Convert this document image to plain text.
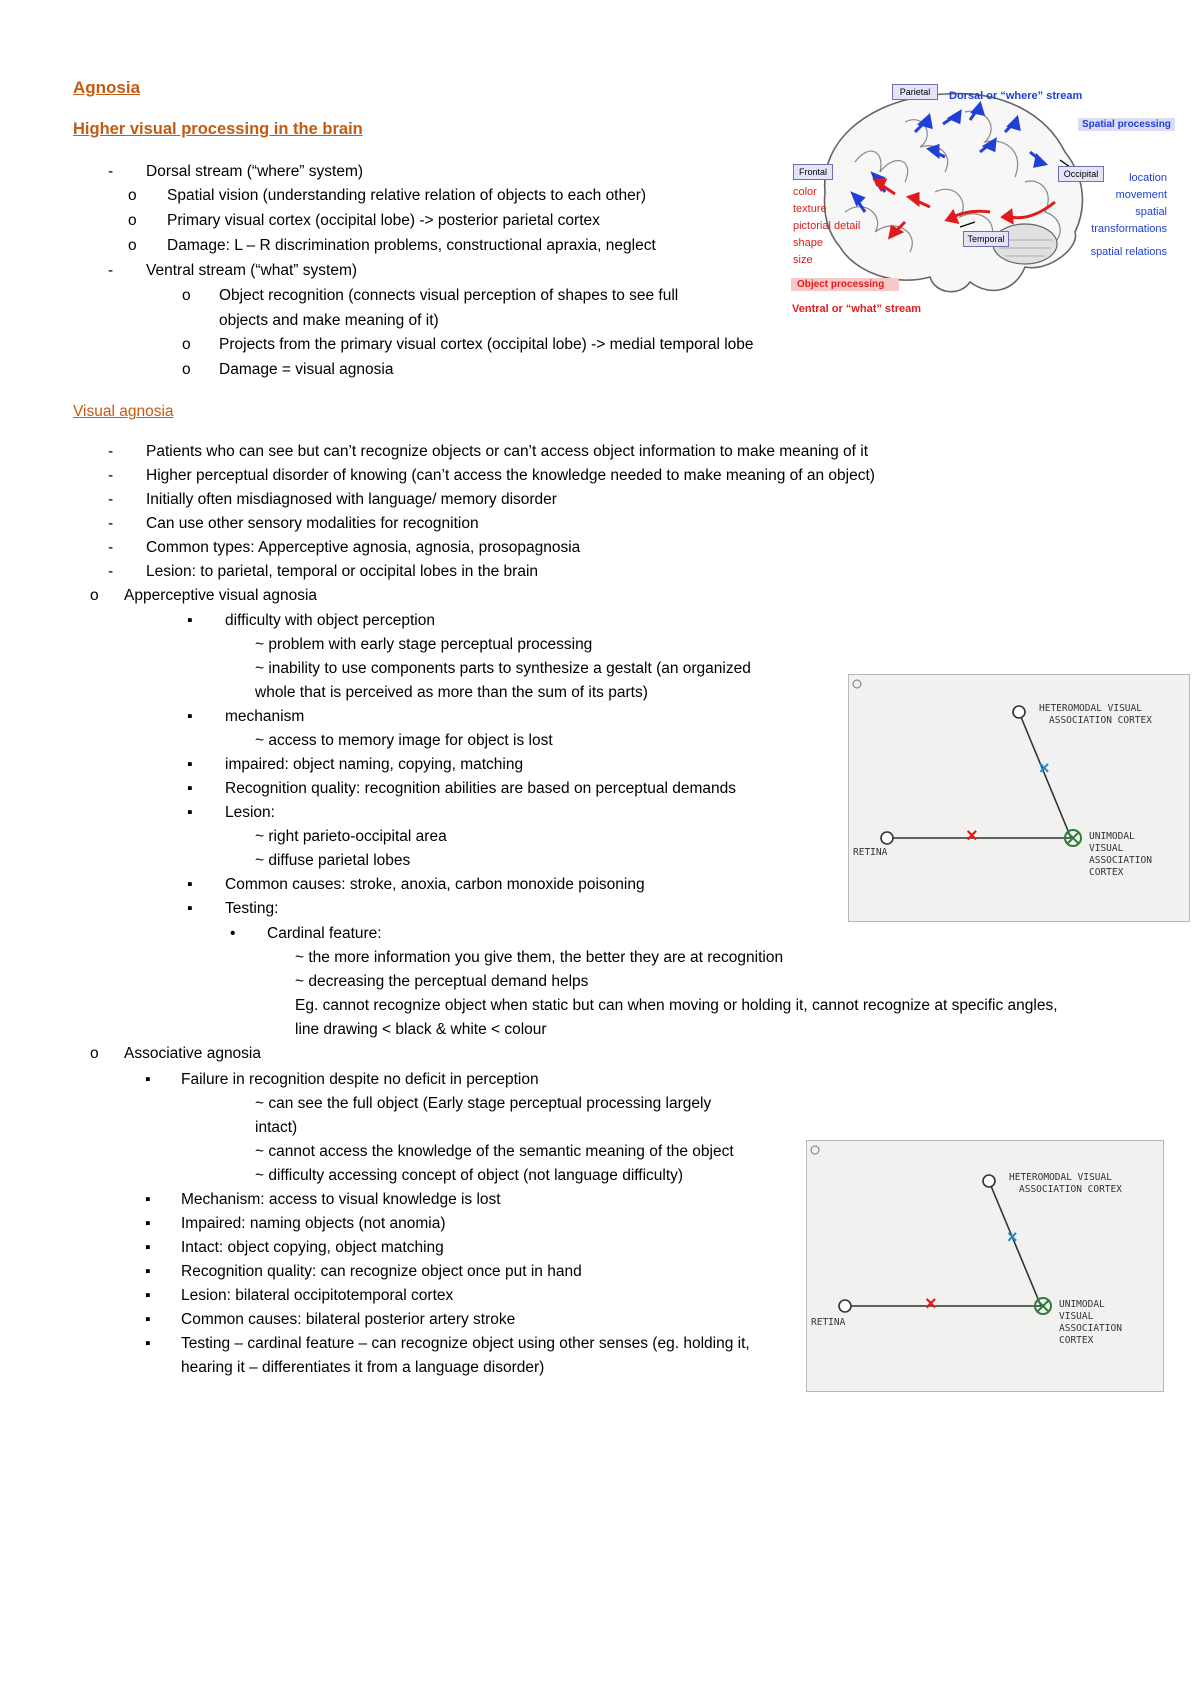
Agnosia
Higher visual processing in the brain
- Dorsal stream (“where” system)
o Spatial vision (understanding relative relation of objects to each other)
o Primary visual cortex (occipital lobe) -> posterior parietal cortex
o Damage: L – R discrimination problems, constructional apraxia, neglect
- Ventral stream (“what” system)
o Object recognition (connects visual perception of shapes to see full
objects and make meaning of it)
o Projects from the primary visual cortex (occipital lobe) -> medial temporal lobe
o Damage = visual agnosia
Parietal
Frontal	Occipital
Temporal
Dorsal or “where” stream
Spatial processing
location
movement
spatial
transformations
spatial relations
color
texture
pictorial detail
shape
size
Object processing
Ventral or “what” stream
Visual agnosia
- Patients who can see but can’t recognize objects or can’t access object information to make meaning of it
- Higher perceptual disorder of knowing (can’t access the knowledge needed to make meaning of an object)
- Initially often misdiagnosed with language/ memory disorder
- Can use other sensory modalities for recognition
- Common types: Apperceptive agnosia, agnosia, prosopagnosia
- Lesion: to parietal, temporal or occipital lobes in the brain
o Apperceptive visual agnosia
▪ difficulty with object perception
~ problem with early stage perceptual processing
~ inability to use components parts to synthesize a gestalt (an organized
whole that is perceived as more than the sum of its parts)
▪ mechanism
~ access to memory image for object is lost
▪ impaired: object naming, copying, matching
▪ Recognition quality: recognition abilities are based on perceptual demands
▪ Lesion:
~ right parieto-occipital area
~ diffuse parietal lobes
▪ Common causes: stroke, anoxia, carbon monoxide poisoning
▪ Testing:
• Cardinal feature:
~ the more information you give them, the better they are at recognition
~ decreasing the perceptual demand helps
Eg. cannot recognize object when static but can when moving or holding it, cannot recognize at specific angles,
line drawing < black & white < colour
o Associative agnosia
▪ Failure in recognition despite no deficit in perception
~ can see the full object (Early stage perceptual processing largely
intact)
~ cannot access the knowledge of the semantic meaning of the object
~ difficulty accessing concept of object (not language difficulty)
▪ Mechanism: access to visual knowledge is lost
▪ Impaired: naming objects (not anomia)
▪ Intact: object copying, object matching
▪ Recognition quality: can recognize object once put in hand
▪ Lesion: bilateral occipitotemporal cortex
▪ Common causes: bilateral posterior artery stroke
▪ Testing – cardinal feature – can recognize object using other senses (eg. holding it,
hearing it – differentiates it from a language disorder)
×
×
HETEROMODAL VISUAL
ASSOCIATION CORTEX
RETINA
UNIMODAL
VISUAL
ASSOCIATION
CORTEX
×
×
HETEROMODAL VISUAL
ASSOCIATION CORTEX
RETINA
UNIMODAL
VISUAL
ASSOCIATION
CORTEX
